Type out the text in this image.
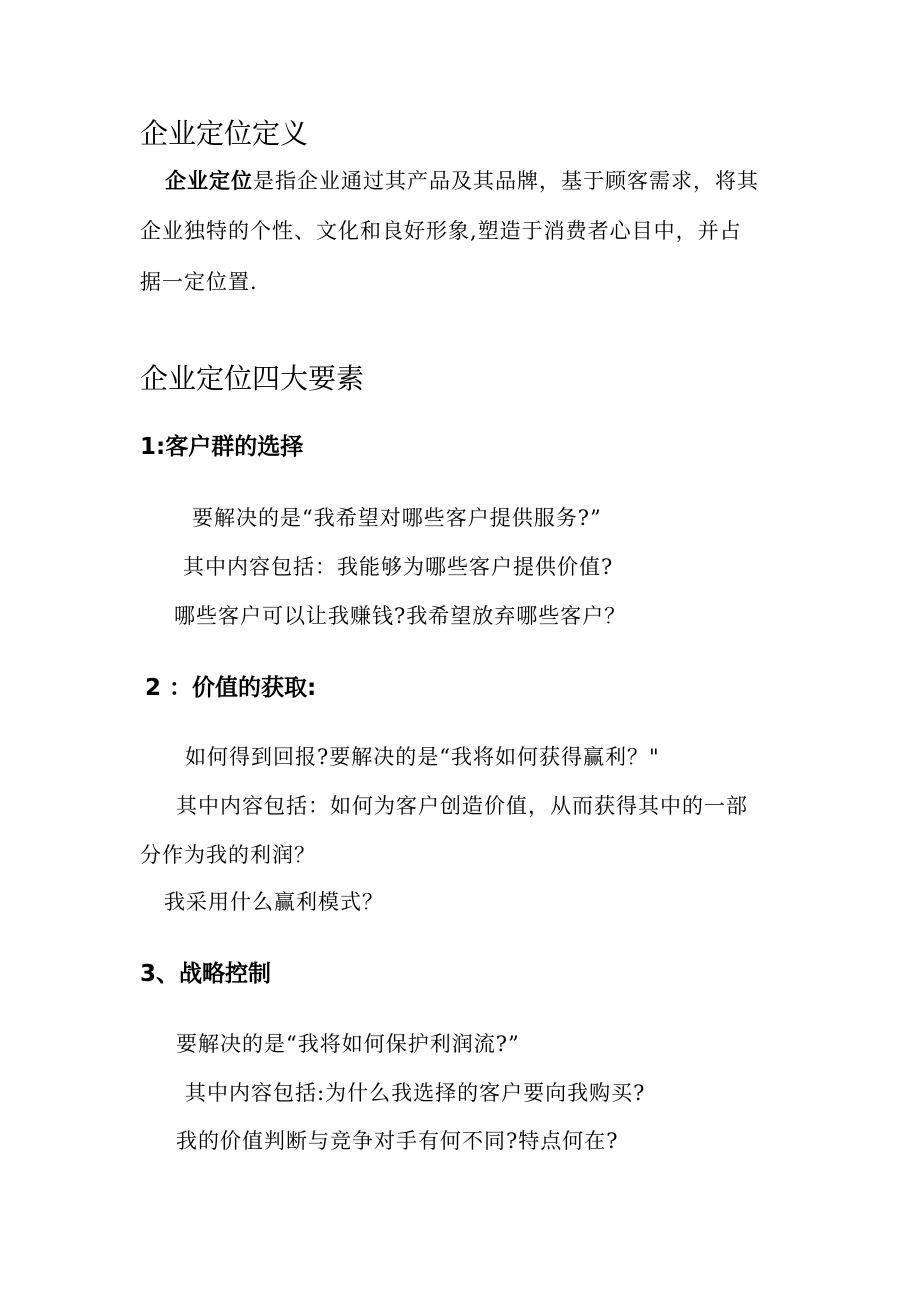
企业定位定义
企业定位是指企业通过其产品及其品牌，基于顾客需求，将其
企业独特的个性、文化和良好形象,塑造于消费者心目中，并占
据一定位置.
企业定位四大要素
1:客户群的选择
要解决的是“我希望对哪些客户提供服务?”
其中内容包括：我能够为哪些客户提供价值?
哪些客户可以让我赚钱?我希望放弃哪些客户？
2 ：价值的获取:
如何得到回报?要解决的是“我将如何获得赢利？"
其中内容包括：如何为客户创造价值，从而获得其中的一部
分作为我的利润？
我采用什么赢利模式？
3、战略控制
要解决的是“我将如何保护利润流?”
其中内容包括:为什么我选择的客户要向我购买?
我的价值判断与竞争对手有何不同?特点何在?
